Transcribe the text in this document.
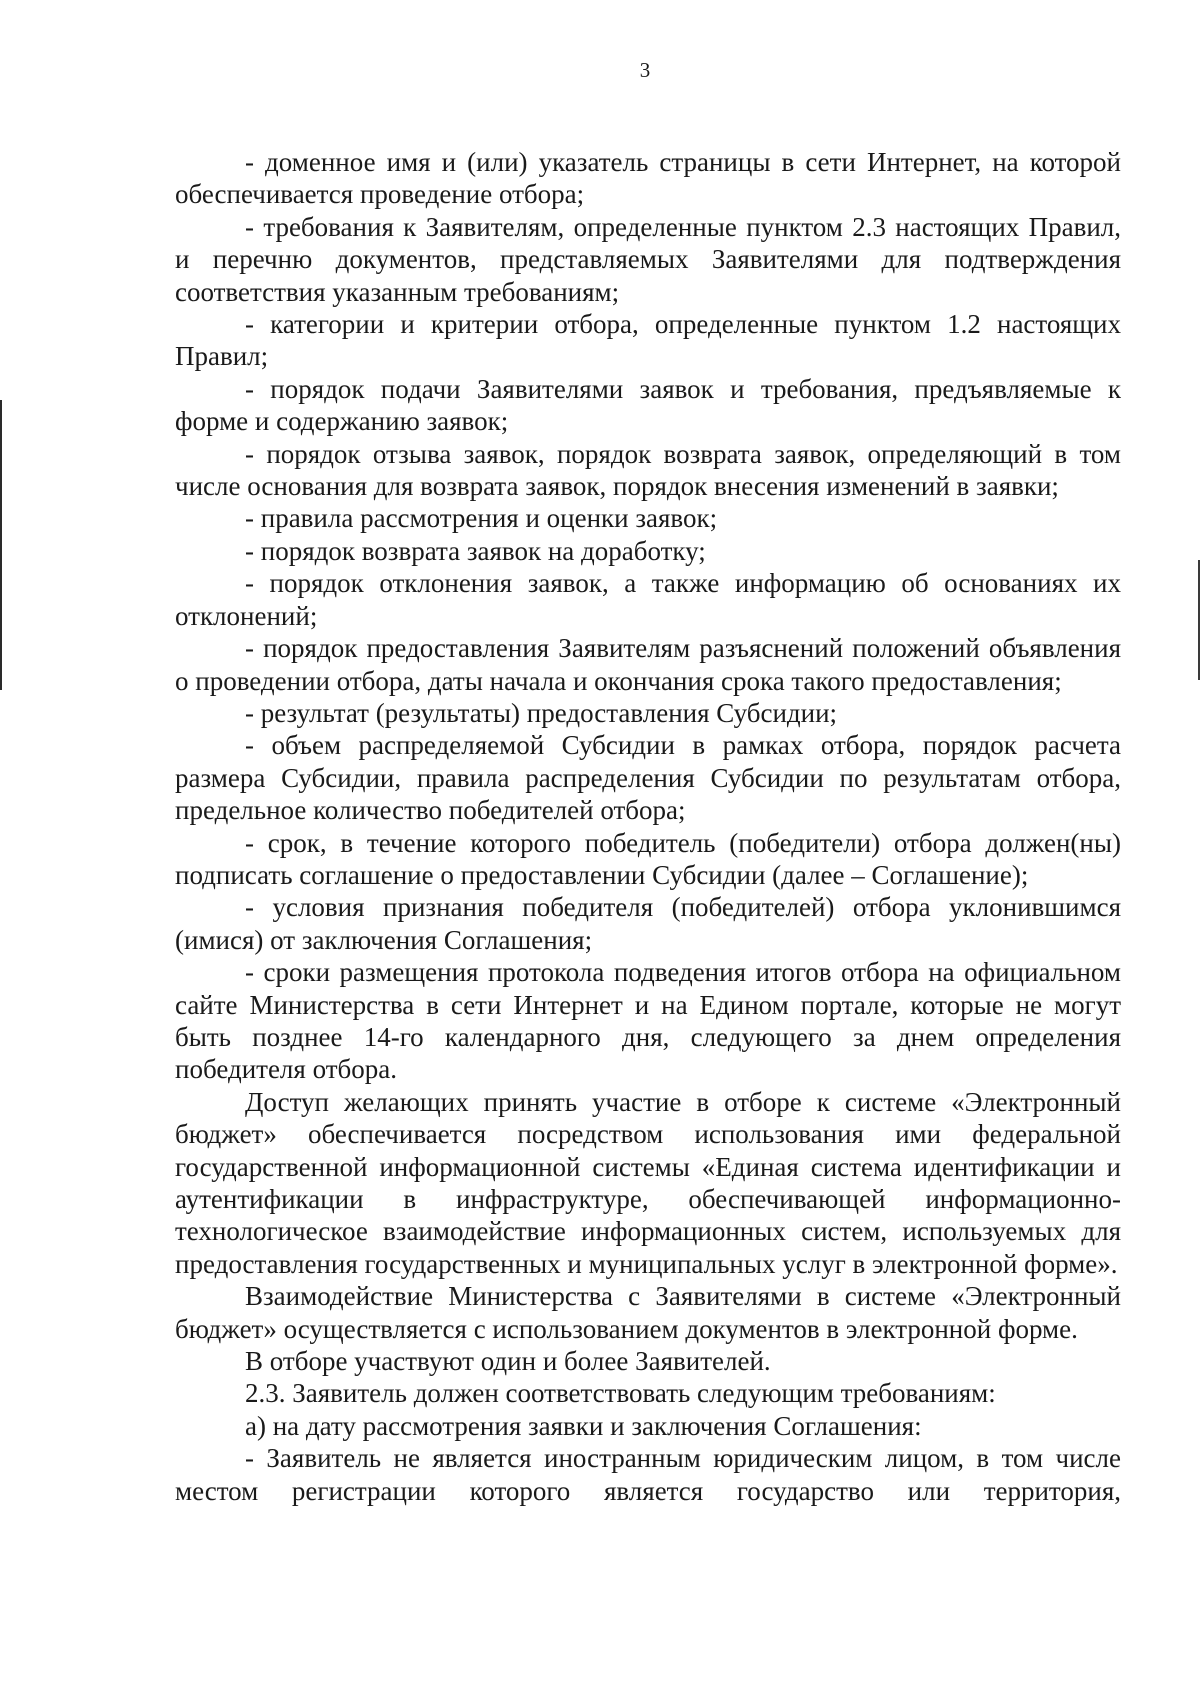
3

- доменное имя и (или) указатель страницы в сети Интернет, на которой обеспечивается проведение отбора;

- требования к Заявителям, определенные пунктом 2.3 настоящих Правил, и перечню документов, представляемых Заявителями для подтверждения соответствия указанным требованиям;

- категории и критерии отбора, определенные пунктом 1.2 настоящих Правил;

- порядок подачи Заявителями заявок и требования, предъявляемые к форме и содержанию заявок;

- порядок отзыва заявок, порядок возврата заявок, определяющий в том числе основания для возврата заявок, порядок внесения изменений в заявки;

- правила рассмотрения и оценки заявок;

- порядок возврата заявок на доработку;

- порядок отклонения заявок, а также информацию об основаниях их отклонений;

- порядок предоставления Заявителям разъяснений положений объявления о проведении отбора, даты начала и окончания срока такого предоставления;

- результат (результаты) предоставления Субсидии;

- объем распределяемой Субсидии в рамках отбора, порядок расчета размера Субсидии, правила распределения Субсидии по результатам отбора, предельное количество победителей отбора;

- срок, в течение которого победитель (победители) отбора должен(ны) подписать соглашение о предоставлении Субсидии (далее – Соглашение);

- условия признания победителя (победителей) отбора уклонившимся (имися) от заключения Соглашения;

- сроки размещения протокола подведения итогов отбора на официальном сайте Министерства в сети Интернет и на Едином портале, которые не могут быть позднее 14-го календарного дня, следующего за днем определения победителя отбора.

Доступ желающих принять участие в отборе к системе «Электронный бюджет» обеспечивается посредством использования ими федеральной государственной информационной системы «Единая система идентификации и аутентификации в инфраструктуре, обеспечивающей информационно-технологическое взаимодействие информационных систем, используемых для предоставления государственных и муниципальных услуг в электронной форме».

Взаимодействие Министерства с Заявителями в системе «Электронный бюджет» осуществляется с использованием документов в электронной форме.

В отборе участвуют один и более Заявителей.

2.3. Заявитель должен соответствовать следующим требованиям:

а) на дату рассмотрения заявки и заключения Соглашения:

- Заявитель не является иностранным юридическим лицом, в том числе местом регистрации которого является государство или территория,
